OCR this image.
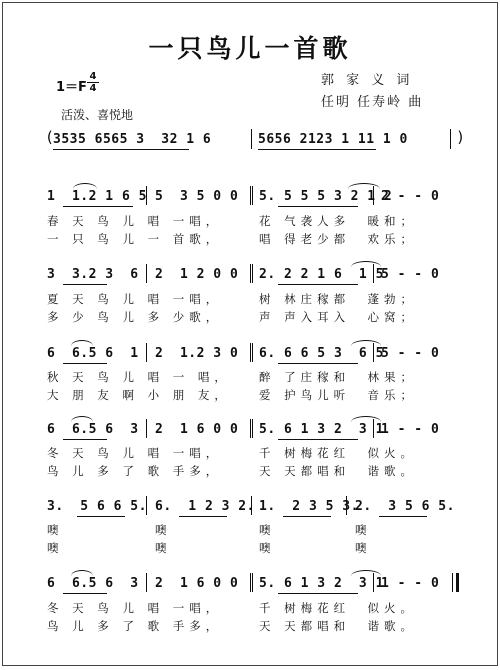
一只鸟儿一首歌
1＝F
4
4
活泼、喜悦地
郭 家 义 词
任明 任寿岭 曲
(
3535 6565 3  32 1 6	5656 2123 1 11 1 0	)
1  1.2 1 6 5 5  3 5 0 0 5. 5 5 5 3 2 1 2
2 - - 0
春 天 鸟 儿 唱 一唱，	花 气袭人多  暖和；
一 只 鸟 儿 一 首歌，	唱 得老少都  欢乐；
3  3.2 3  6 2  1 2 0 0 2. 2 2 1 6  1 5
5 - - 0
夏 天 鸟 儿 唱 一唱，	树 林庄稼都  蓬勃；
多 少 鸟 儿 多 少歌，	声 声入耳入  心窝；
6  6.5 6  1 2  1.2 3 0 6. 6 6 5 3  6 5
5 - - 0
秋 天 鸟 儿 唱 一 唱， 醉 了庄稼和  林果；
大 朋 友 啊 小 朋 友， 爱 护鸟儿听  音乐；
6  6.5 6  3 2  1 6 0 0 5. 6 1 3 2  3 1
1 - - 0
冬 天 鸟 儿 唱 一唱，	千 树梅花红  似火。
鸟 儿 多 了 歌 手多，	天 天都唱和  谐歌。
3.  5 6 6 5. 6.  1 2 3 2. 1.  2 3 5 3.
2.  3 5 6 5.
噢	噢	噢	噢
噢	噢	噢	噢
6  6.5 6  3 2  1 6 0 0 5. 6 1 3 2  3 1
1 - - 0
冬 天 鸟 儿 唱 一唱，	千 树梅花红  似火。
鸟 儿 多 了 歌 手多，	天 天都唱和  谐歌。
